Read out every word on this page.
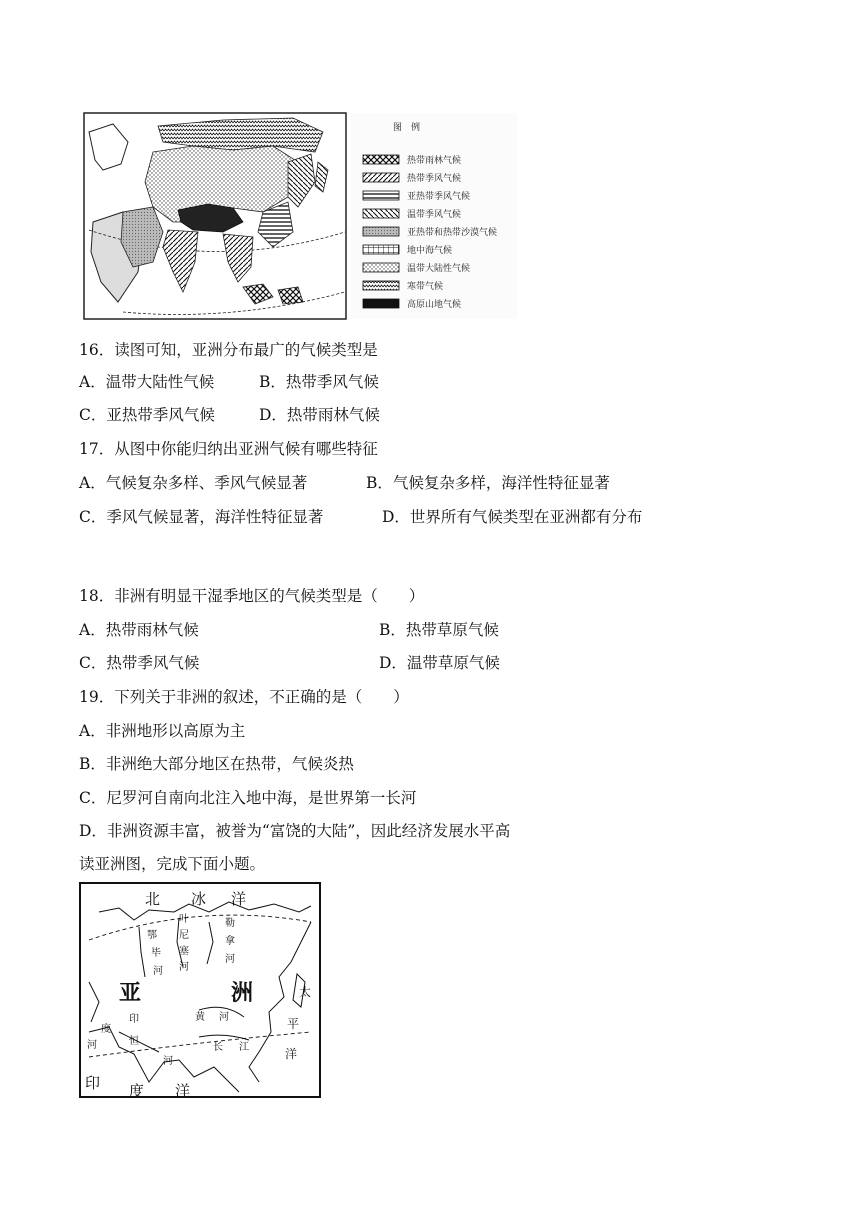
图　例
热带雨林气候
热带季风气候
亚热带季风气候
温带季风气候
亚热带和热带沙漠气候
地中海气候
温带大陆性气候
寒带气候
高原山地气候
16．读图可知，亚洲分布最广的气候类型是
A．温带大陆性气候	B．热带季风气候
C．亚热带季风气候	D．热带雨林气候
17．从图中你能归纳出亚洲气候有哪些特征
A．气候复杂多样、季风气候显著	B．气候复杂多样，海洋性特征显著
C．季风气候显著，海洋性特征显著	D．世界所有气候类型在亚洲都有分布
18．非洲有明显干湿季地区的气候类型是（　　）
A．热带雨林气候	B．热带草原气候
C．热带季风气候	D．温带草原气候
19．下列关于非洲的叙述，不正确的是（　　）
A．非洲地形以高原为主
B．非洲绝大部分地区在热带，气候炎热
C．尼罗河自南向北注入地中海，是世界第一长河
D．非洲资源丰富，被誉为“富饶的大陆”，因此经济发展水平高
读亚洲图，完成下面小题。
北 冰 洋
叶
尼
塞
河
鄂
毕
河
勒
拿
河
亚	洲
黄 河
太
平
洋
度
印
恒
河
河
长 江
印 度 洋
